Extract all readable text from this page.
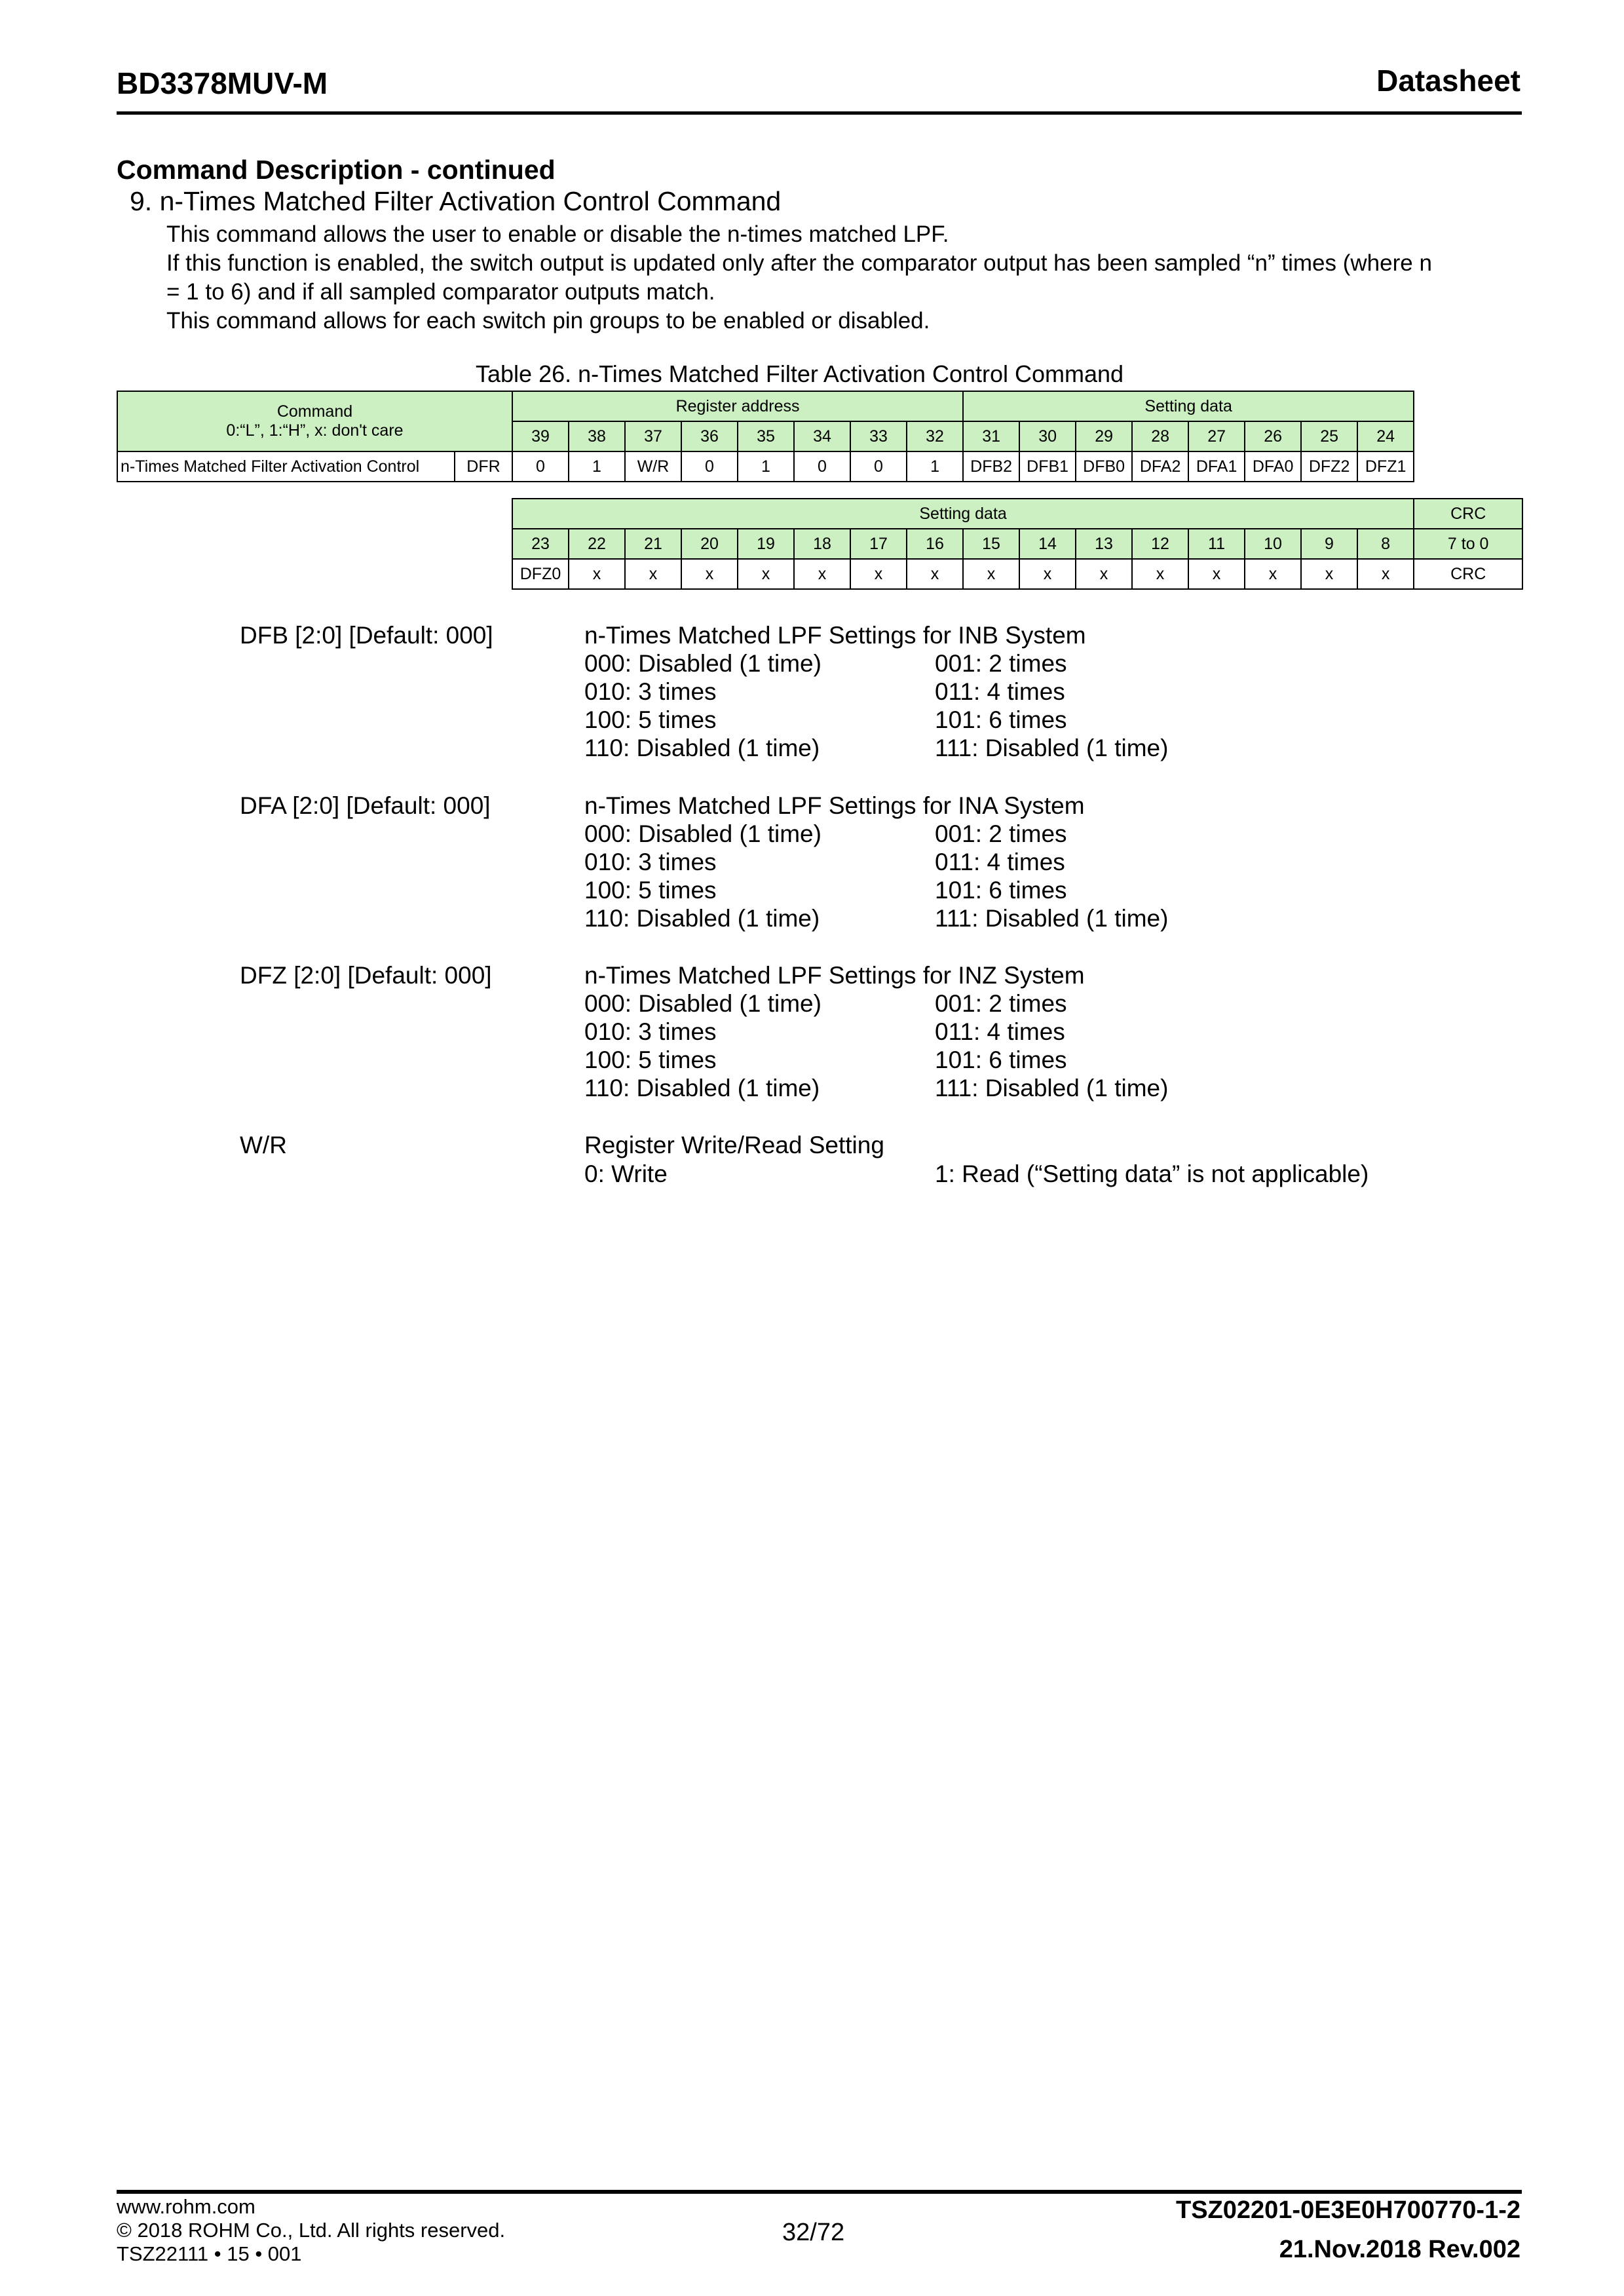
BD3378MUV-M	Datasheet
Command Description - continued
9. n-Times Matched Filter Activation Control Command
This command allows the user to enable or disable the n-times matched LPF.
If this function is enabled, the switch output is updated only after the comparator output has been sampled “n” times (where n
= 1 to 6) and if all sampled comparator outputs match.
This command allows for each switch pin groups to be enabled or disabled.
Table 26. n-Times Matched Filter Activation Control Command
Command
0:“L”, 1:“H”, x: don't care		Register address								Setting data							
		39	38	37	36	35	34	33	32	31	30	29	28	27	26	25	24
n-Times Matched Filter Activation Control	DFR	0	1	W/R	0	1	0	0	1	DFB2	DFB1	DFB0	DFA2	DFA1	DFA0	DFZ2	DFZ1
Setting data																CRC
23	22	21	20	19	18	17	16	15	14	13	12	11	10	9	8	7 to 0
DFZ0	x	x	x	x	x	x	x	x	x	x	x	x	x	x	x	CRC
DFB [2:0] [Default: 000]	n-Times Matched LPF Settings for INB System
000: Disabled (1 time)	001: 2 times
010: 3 times	011: 4 times
100: 5 times	101: 6 times
110: Disabled (1 time)	111: Disabled (1 time)
DFA [2:0] [Default: 000]	n-Times Matched LPF Settings for INA System
000: Disabled (1 time)	001: 2 times
010: 3 times	011: 4 times
100: 5 times	101: 6 times
110: Disabled (1 time)	111: Disabled (1 time)
DFZ [2:0] [Default: 000]	n-Times Matched LPF Settings for INZ System
000: Disabled (1 time)	001: 2 times
010: 3 times	011: 4 times
100: 5 times	101: 6 times
110: Disabled (1 time)	111: Disabled (1 time)
W/R	Register Write/Read Setting
0: Write	1: Read (“Setting data” is not applicable)
www.rohm.com
© 2018 ROHM Co., Ltd. All rights reserved.
TSZ22111 • 15 • 001
32/72
TSZ02201-0E3E0H700770-1-2
21.Nov.2018 Rev.002
